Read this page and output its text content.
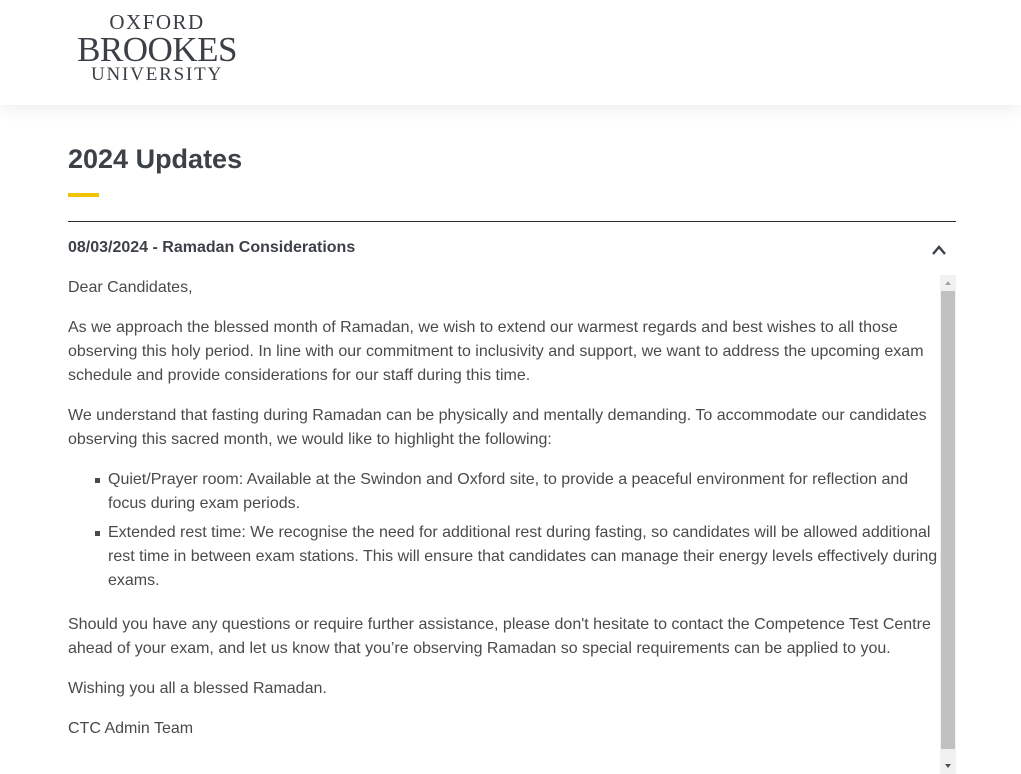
OXFORD
BROOKES
UNIVERSITY
2024 Updates
08/03/2024 - Ramadan Considerations

Dear Candidates,

As we approach the blessed month of Ramadan, we wish to extend our warmest regards and best wishes to all those observing this holy period. In line with our commitment to inclusivity and support, we want to address the upcoming exam schedule and provide considerations for our staff during this time.

We understand that fasting during Ramadan can be physically and mentally demanding. To accommodate our candidates observing this sacred month, we would like to highlight the following:

Quiet/Prayer room: Available at the Swindon and Oxford site, to provide a peaceful environment for reflection and focus during exam periods.
Extended rest time: We recognise the need for additional rest during fasting, so candidates will be allowed additional rest time in between exam stations. This will ensure that candidates can manage their energy levels effectively during exams.

Should you have any questions or require further assistance, please don't hesitate to contact the Competence Test Centre ahead of your exam, and let us know that you’re observing Ramadan so special requirements can be applied to you.

Wishing you all a blessed Ramadan.

CTC Admin Team
